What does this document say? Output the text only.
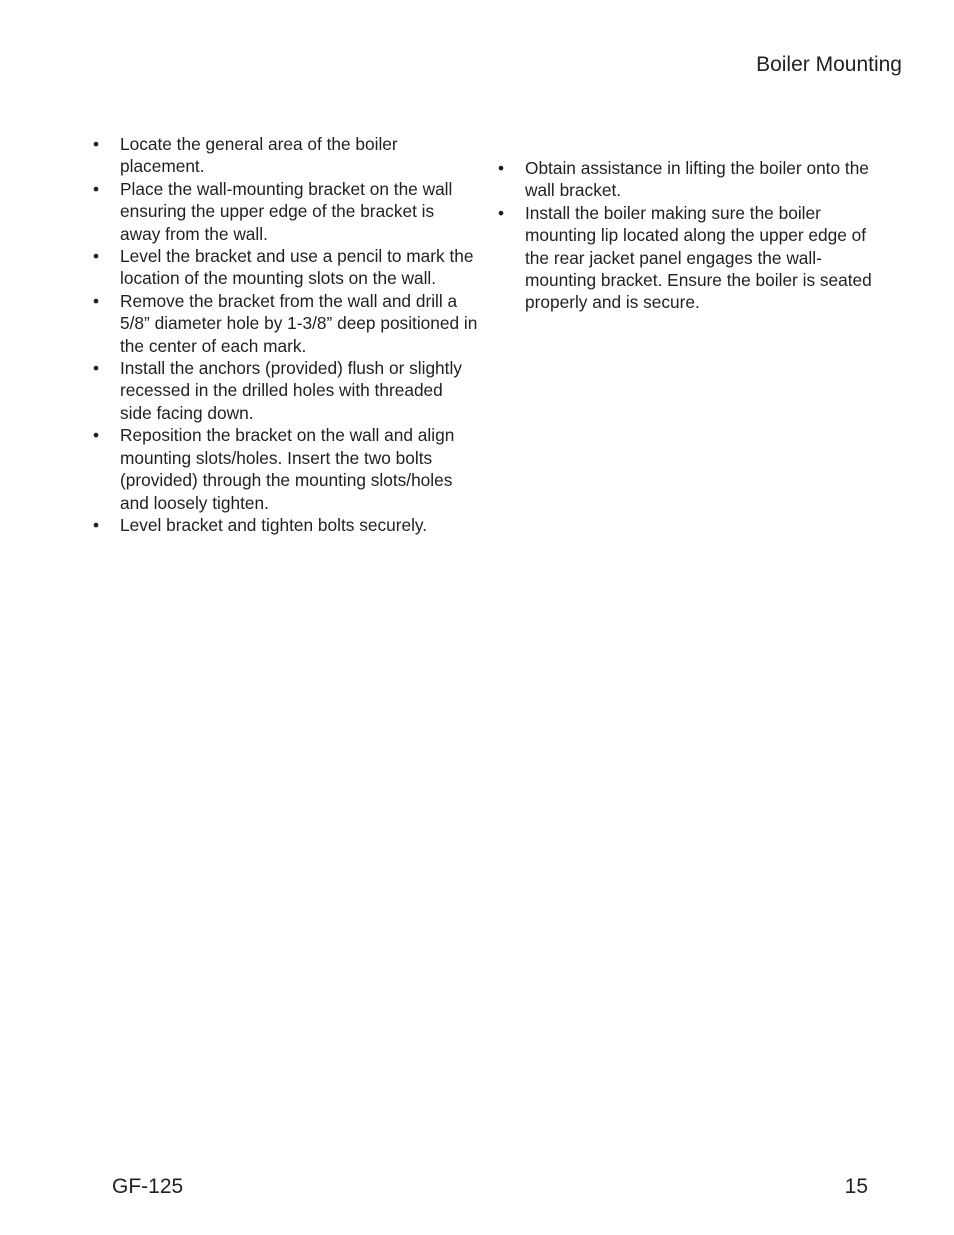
Boiler Mounting
•	Locate the general area of the boiler placement.
•	Place the wall-mounting bracket on the wall ensuring the upper edge of the bracket is away from the wall.
•	Level the bracket and use a pencil to mark the location of the mounting slots on the wall.
•	Remove the bracket from the wall and drill a 5/8” diameter hole by 1-3/8” deep positioned in the center of each mark.
•	Install the anchors (provided) flush or slightly recessed in the drilled holes with threaded side facing down.
•	Reposition the bracket on the wall and align mounting slots/holes. Insert the two bolts (provided) through the mounting slots/holes and loosely tighten.
•	Level bracket and tighten bolts securely.
•	Obtain assistance in lifting the boiler onto the wall bracket.
•	Install the boiler making sure the boiler mounting lip located along the upper edge of the rear jacket panel engages the wall-mounting bracket. Ensure the boiler is seated properly and is secure.
GF-125	15
